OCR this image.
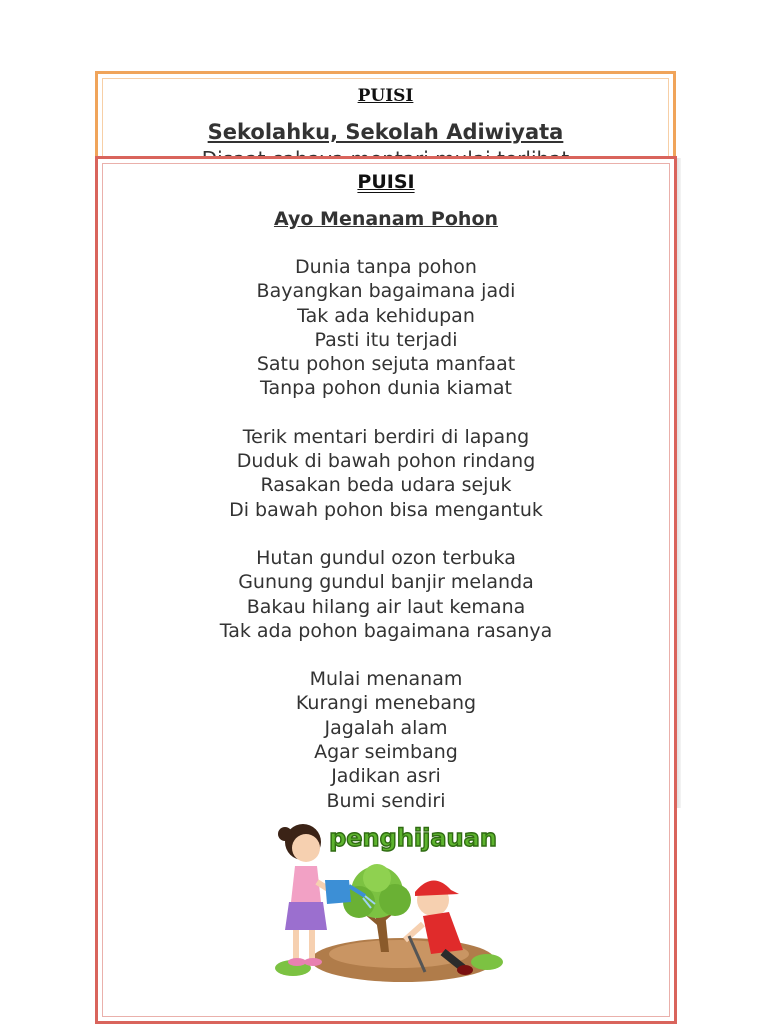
PUISI
Sekolahku, Sekolah Adiwiyata
PUISI
Ayo Menanam Pohon
Dunia tanpa pohon
Bayangkan bagaimana jadi
Tak ada kehidupan
Pasti itu terjadi
Satu pohon sejuta manfaat
Tanpa pohon dunia kiamat
Terik mentari berdiri di lapang
Duduk di bawah pohon rindang
Rasakan beda udara sejuk
Di bawah pohon bisa mengantuk
Hutan gundul ozon terbuka
Gunung gundul banjir melanda
Bakau hilang air laut kemana
Tak ada pohon bagaimana rasanya
Mulai menanam
Kurangi menebang
Jagalah alam
Agar seimbang
Jadikan asri
Bumi sendiri
penghijauan
